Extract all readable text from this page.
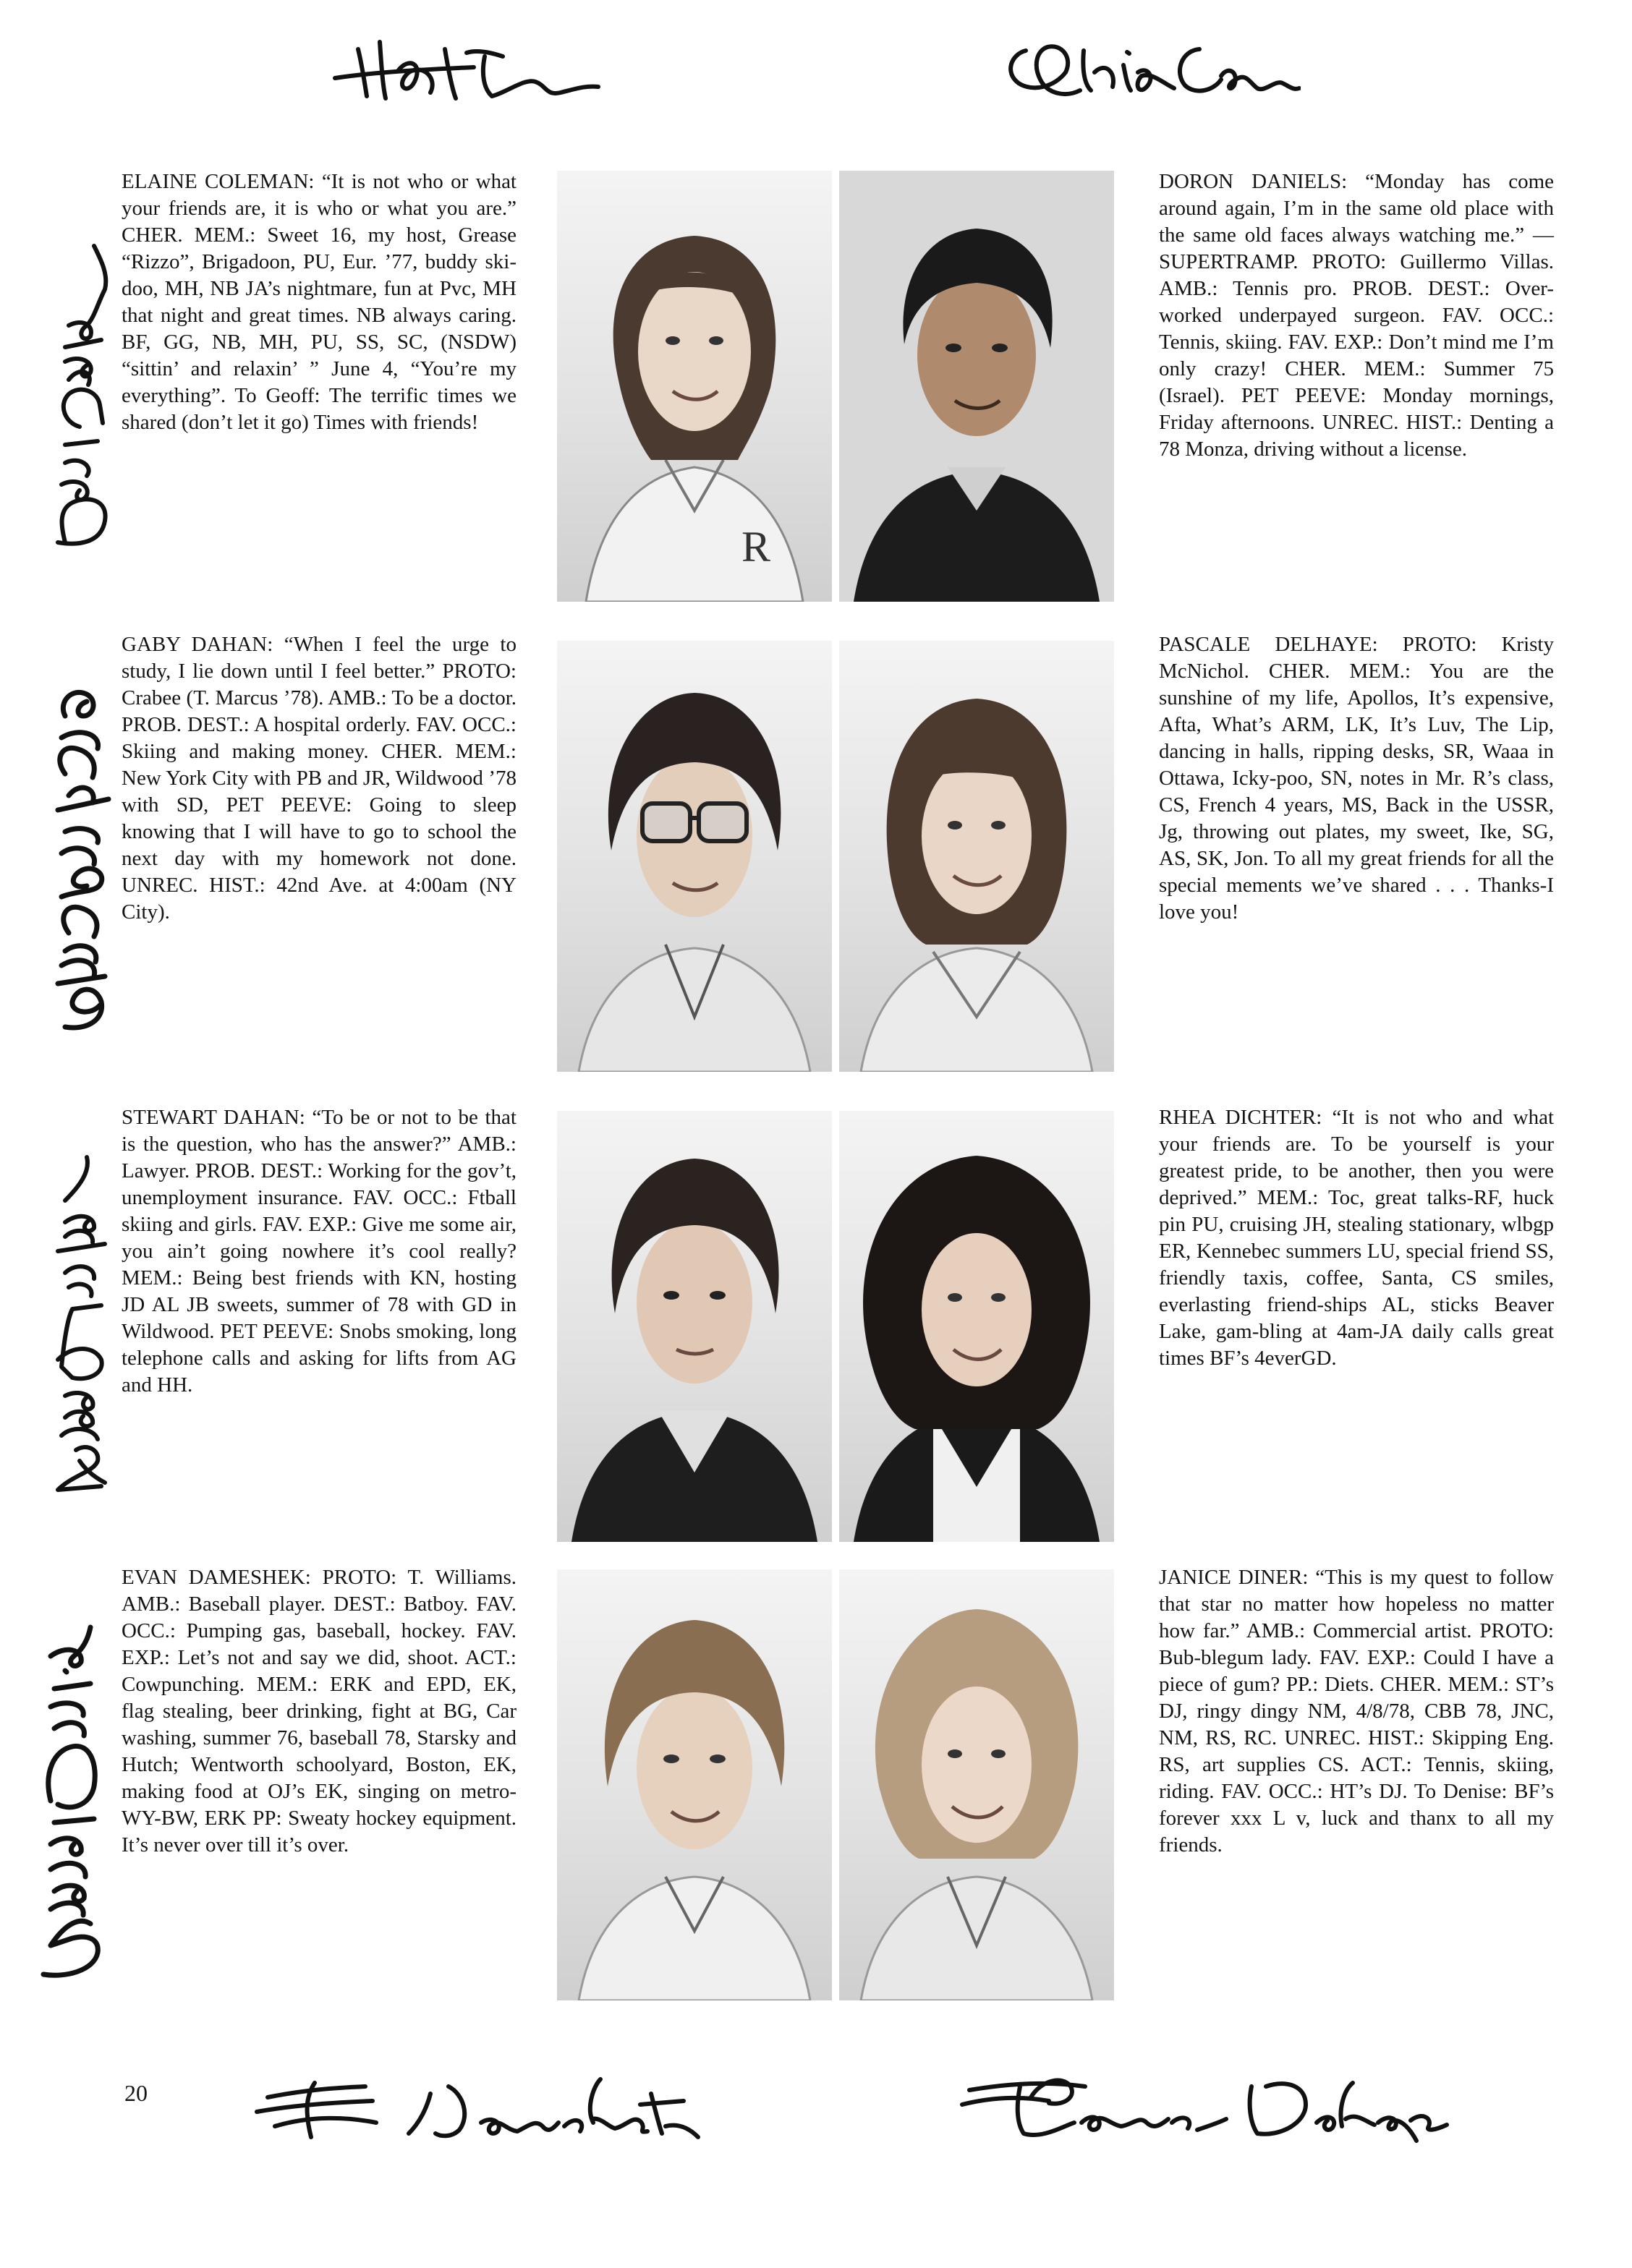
ELAINE COLEMAN: “It is not who or what your friends are, it is who or what you are.” CHER. MEM.: Sweet 16, my host, Grease “Rizzo”, Brigadoon, PU, Eur. ’77, buddy ski-doo, MH, NB JA’s nightmare, fun at Pvc, MH that night and great times. NB always caring. BF, GG, NB, MH, PU, SS, SC, (NSDW) “sittin’ and relaxin’ ” June 4, “You’re my everything”. To Geoff: The terrific times we shared (don’t let it go) Times with friends!

DORON DANIELS: “Monday has come around again, I’m in the same old place with the same old faces always watching me.” — SUPERTRAMP. PROTO: Guillermo Villas. AMB.: Tennis pro. PROB. DEST.: Over-worked underpayed surgeon. FAV. OCC.: Tennis, skiing. FAV. EXP.: Don’t mind me I’m only crazy! CHER. MEM.: Summer 75 (Israel). PET PEEVE: Monday mornings, Friday afternoons. UNREC. HIST.: Denting a 78 Monza, driving without a license.

GABY DAHAN: “When I feel the urge to study, I lie down until I feel better.” PROTO: Crabee (T. Marcus ’78). AMB.: To be a doctor. PROB. DEST.: A hospital orderly. FAV. OCC.: Skiing and making money. CHER. MEM.: New York City with PB and JR, Wildwood ’78 with SD, PET PEEVE: Going to sleep knowing that I will have to go to school the next day with my homework not done. UNREC. HIST.: 42nd Ave. at 4:00am (NY City).

PASCALE DELHAYE: PROTO: Kristy McNichol. CHER. MEM.: You are the sunshine of my life, Apollos, It’s expensive, Afta, What’s ARM, LK, It’s Luv, The Lip, dancing in halls, ripping desks, SR, Waaa in Ottawa, Icky-poo, SN, notes in Mr. R’s class, CS, French 4 years, MS, Back in the USSR, Jg, throwing out plates, my sweet, Ike, SG, AS, SK, Jon. To all my great friends for all the special mements we’ve shared . . . Thanks-I love you!

STEWART DAHAN: “To be or not to be that is the question, who has the answer?” AMB.: Lawyer. PROB. DEST.: Working for the gov’t, unemployment insurance. FAV. OCC.: Ftball skiing and girls. FAV. EXP.: Give me some air, you ain’t going nowhere it’s cool really? MEM.: Being best friends with KN, hosting JD AL JB sweets, summer of 78 with GD in Wildwood. PET PEEVE: Snobs smoking, long telephone calls and asking for lifts from AG and HH.

RHEA DICHTER: “It is not who and what your friends are. To be yourself is your greatest pride, to be another, then you were deprived.” MEM.: Toc, great talks-RF, huck pin PU, cruising JH, stealing stationary, wlbgp ER, Kennebec summers LU, special friend SS, friendly taxis, coffee, Santa, CS smiles, everlasting friend-ships AL, sticks Beaver Lake, gam-bling at 4am-JA daily calls great times BF’s 4everGD.

EVAN DAMESHEK: PROTO: T. Williams. AMB.: Baseball player. DEST.: Batboy. FAV. OCC.: Pumping gas, baseball, hockey. FAV. EXP.: Let’s not and say we did, shoot. ACT.: Cowpunching. MEM.: ERK and EPD, EK, flag stealing, beer drinking, fight at BG, Car washing, summer 76, baseball 78, Starsky and Hutch; Wentworth schoolyard, Boston, EK, making food at OJ’s EK, singing on metro-WY-BW, ERK PP: Sweaty hockey equipment. It’s never over till it’s over.

JANICE DINER: “This is my quest to follow that star no matter how hopeless no matter how far.” AMB.: Commercial artist. PROTO: Bub-blegum lady. FAV. EXP.: Could I have a piece of gum? PP.: Diets. CHER. MEM.: ST’s DJ, ringy dingy NM, 4/8/78, CBB 78, JNC, NM, RS, RC. UNREC. HIST.: Skipping Eng. RS, art supplies CS. ACT.: Tennis, skiing, riding. FAV. OCC.: HT’s DJ. To Denise: BF’s forever xxx L v, luck and thanx to all my friends.

R

20
